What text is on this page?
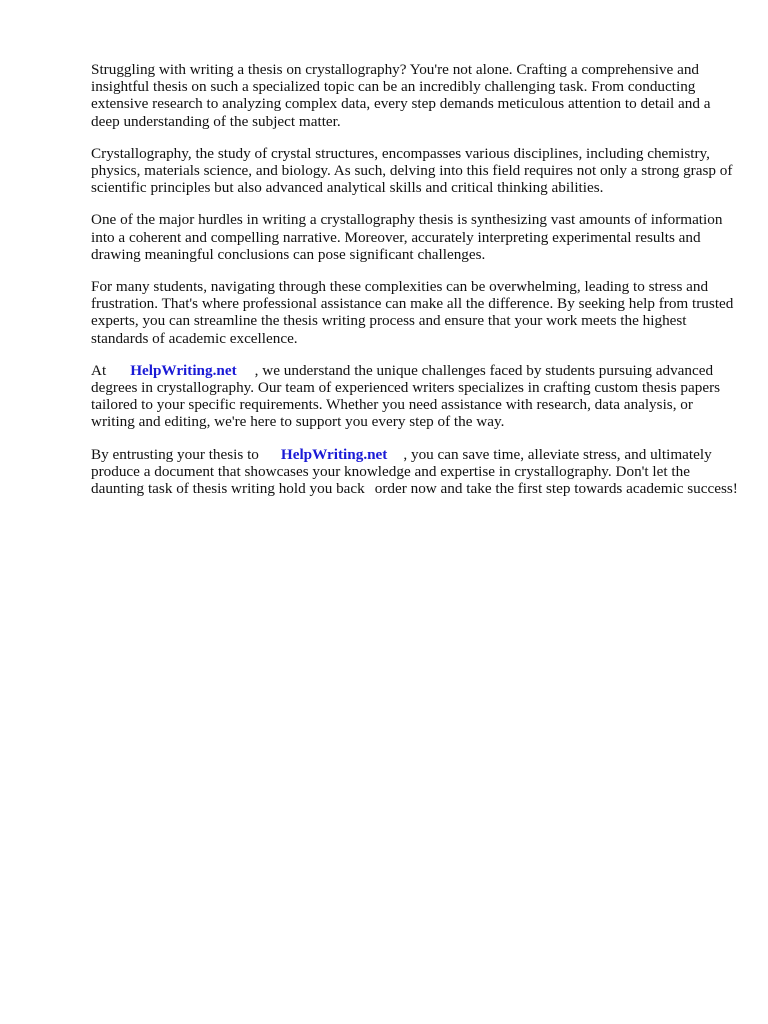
Struggling with writing a thesis on crystallography? You're not alone. Crafting a comprehensive and insightful thesis on such a specialized topic can be an incredibly challenging task. From conducting extensive research to analyzing complex data, every step demands meticulous attention to detail and a deep understanding of the subject matter.

Crystallography, the study of crystal structures, encompasses various disciplines, including chemistry, physics, materials science, and biology. As such, delving into this field requires not only a strong grasp of scientific principles but also advanced analytical skills and critical thinking abilities.

One of the major hurdles in writing a crystallography thesis is synthesizing vast amounts of information into a coherent and compelling narrative. Moreover, accurately interpreting experimental results and drawing meaningful conclusions can pose significant challenges.

For many students, navigating through these complexities can be overwhelming, leading to stress and frustration. That's where professional assistance can make all the difference. By seeking help from trusted experts, you can streamline the thesis writing process and ensure that your work meets the highest standards of academic excellence.

At HelpWriting.net , we understand the unique challenges faced by students pursuing advanced degrees in crystallography. Our team of experienced writers specializes in crafting custom thesis papers tailored to your specific requirements. Whether you need assistance with research, data analysis, or writing and editing, we're here to support you every step of the way.

By entrusting your thesis to HelpWriting.net , you can save time, alleviate stress, and ultimately produce a document that showcases your knowledge and expertise in crystallography. Don't let the daunting task of thesis writing hold you back order now and take the first step towards academic success!
